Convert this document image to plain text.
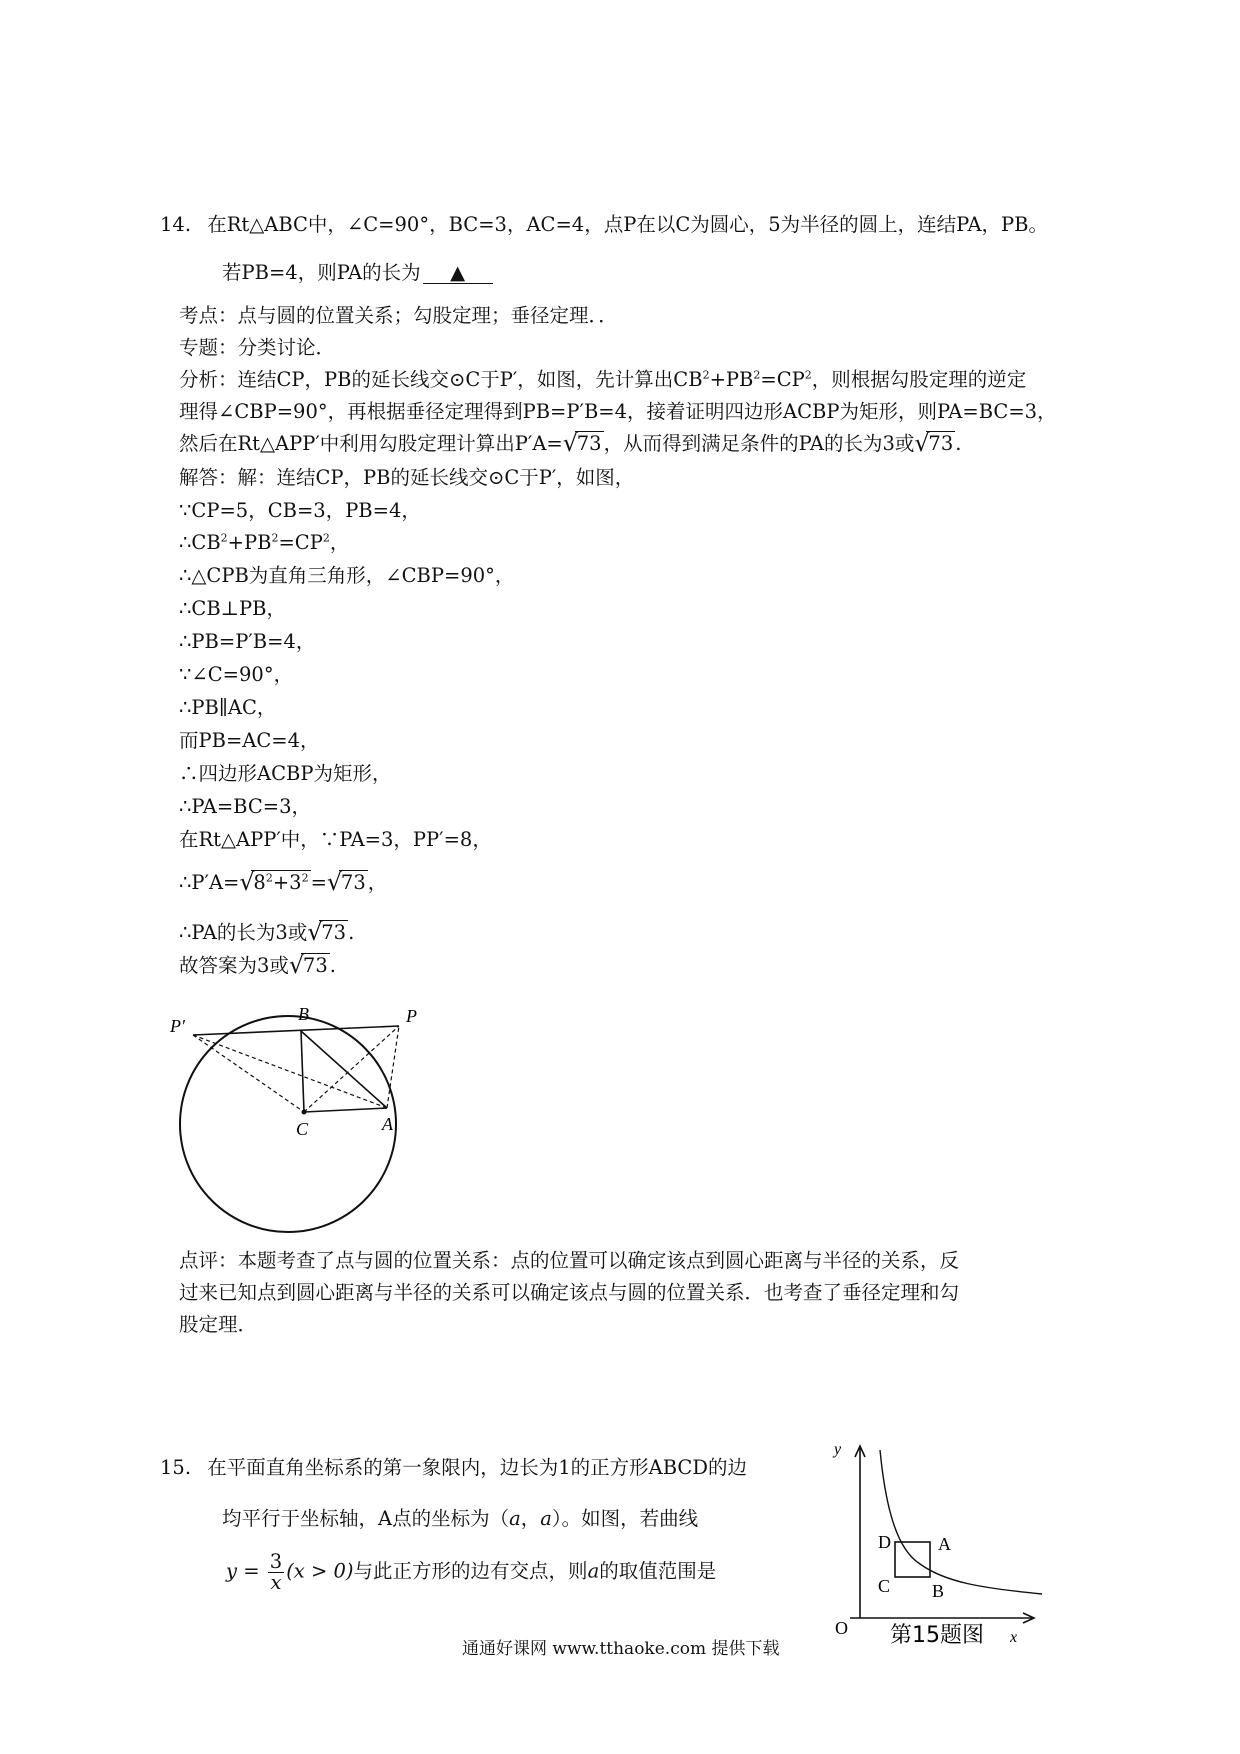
14. 在Rt△ABC中，∠C=90°，BC=3，AC=4，点P在以C为圆心，5为半径的圆上，连结PA，PB。
若PB=4，则PA的长为 ▲
考点：点与圆的位置关系；勾股定理；垂径定理．．
专题：分类讨论．
分析：连结CP，PB的延长线交⊙C于P′，如图，先计算出$CB^2+PB^2=CP^2$，则根据勾股定理的逆定
理得∠CBP=90°，再根据垂径定理得到PB=P′B=4，接着证明四边形ACBP为矩形，则PA=BC=3，
然后在Rt△APP′中利用勾股定理计算出P′A= √
73 ，从而得到满足条件的PA的长为3或 √
73 .
解答：解：连结CP，PB的延长线交⊙C于P′，如图，
∵CP=5，CB=3，PB=4，
$\therefore CB^2+PB^2=CP^2$，
∴△CPB为直角三角形，∠CBP=90°，
∴CB⊥PB，
∴PB=P′B=4，
∵∠C=90°，
∴PB∥AC，
而PB=AC=4，
∴四边形ACBP为矩形，
∴PA=BC=3，
在Rt△APP′中，∵PA=3，PP′=8，
∴P′A= √
$8^2+3^2$ = √
73 ，
∴PA的长为3或 √
73 .
故答案为3或 √
73 .
B	P
P′
C	A
点评：本题考查了点与圆的位置关系：点的位置可以确定该点到圆心距离与半径的关系，反
过来已知点到圆心距离与半径的关系可以确定该点与圆的位置关系．也考查了垂径定理和勾
股定理．
15. 在平面直角坐标系的第一象限内，边长为1的正方形ABCD的边
均平行于坐标轴，A点的坐标为（a，a）。如图，若曲线
$y = \frac{3}{x} (x > 0)$与此正方形的边有交点，则a的取值范围是
y
x
O
D	A
C B
第15题图
通通好课网 www.tthaoke.com 提供下载
